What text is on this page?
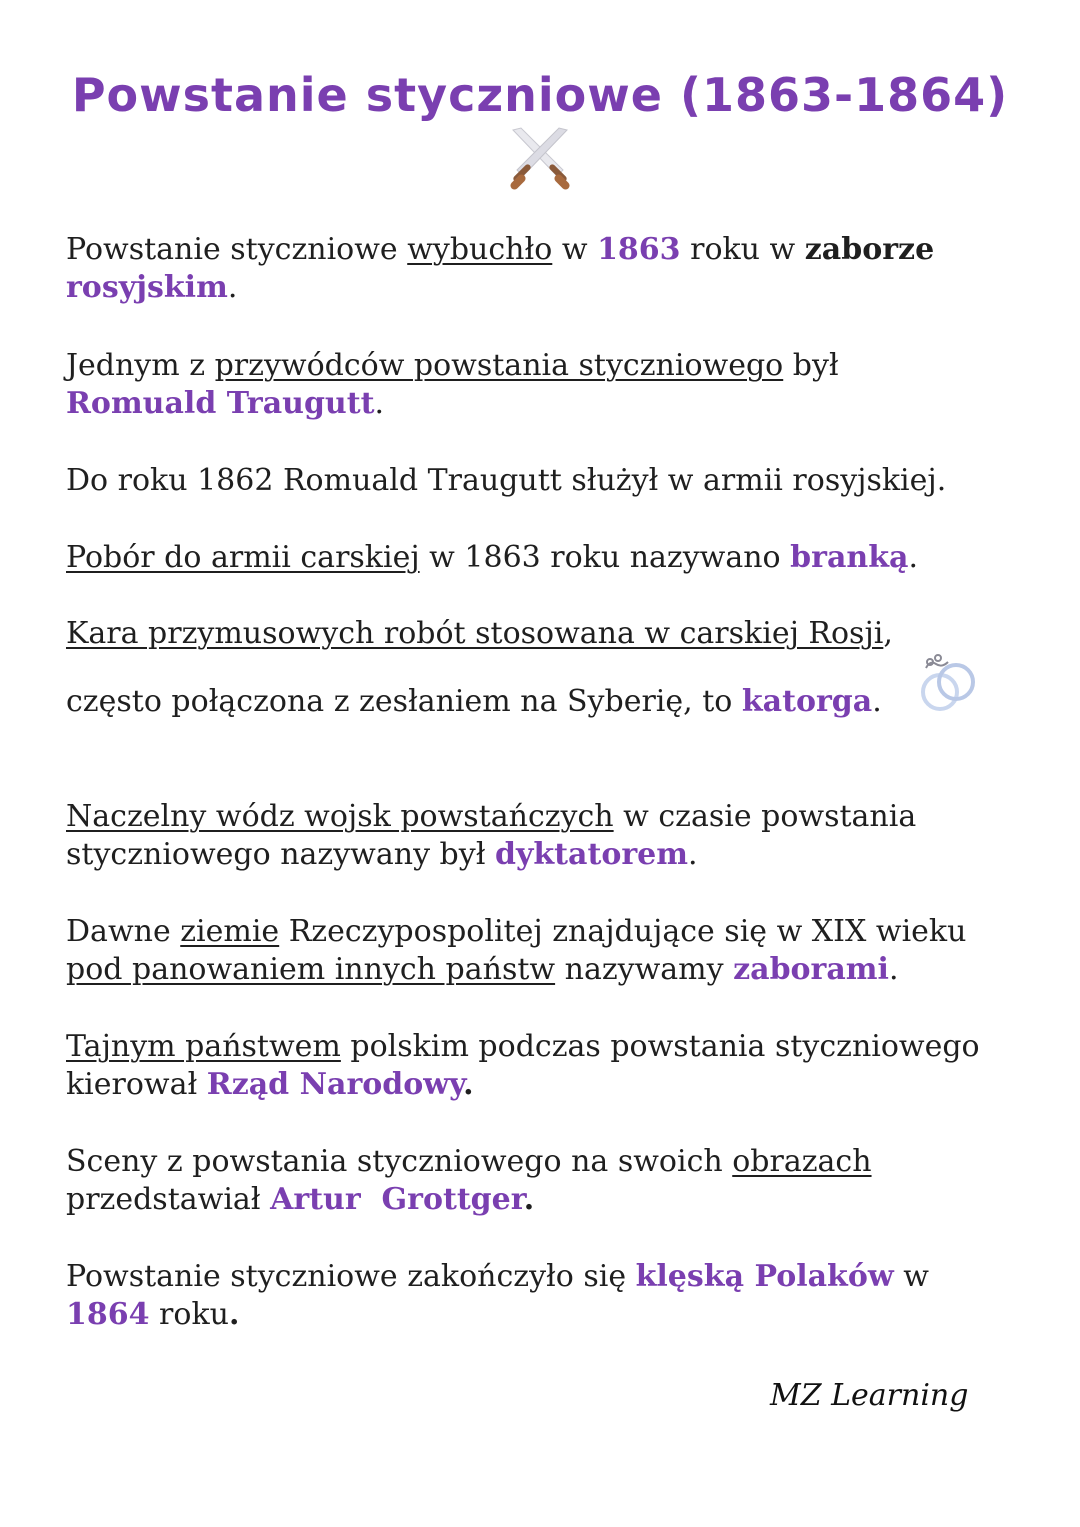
Powstanie styczniowe (1863-1864)
Powstanie styczniowe wybuchło w 1863 roku w zaborze
rosyjskim.
Jednym z przywódców powstania styczniowego był
Romuald Traugutt.
Do roku 1862 Romuald Traugutt służył w armii rosyjskiej.
Pobór do armii carskiej w 1863 roku nazywano branką.
Kara przymusowych robót stosowana w carskiej Rosji,
często połączona z zesłaniem na Syberię, to katorga.
Naczelny wódz wojsk powstańczych w czasie powstania styczniowego nazywany był dyktatorem.
Dawne ziemie Rzeczypospolitej znajdujące się w XIX wieku
pod panowaniem innych państw nazywamy zaborami.
Tajnym państwem polskim podczas powstania styczniowego kierował Rząd Narodowy.
Sceny z powstania styczniowego na swoich obrazach
przedstawiał Artur  Grottger.
Powstanie styczniowe zakończyło się klęską Polaków w
1864 roku.
MZ Learning
